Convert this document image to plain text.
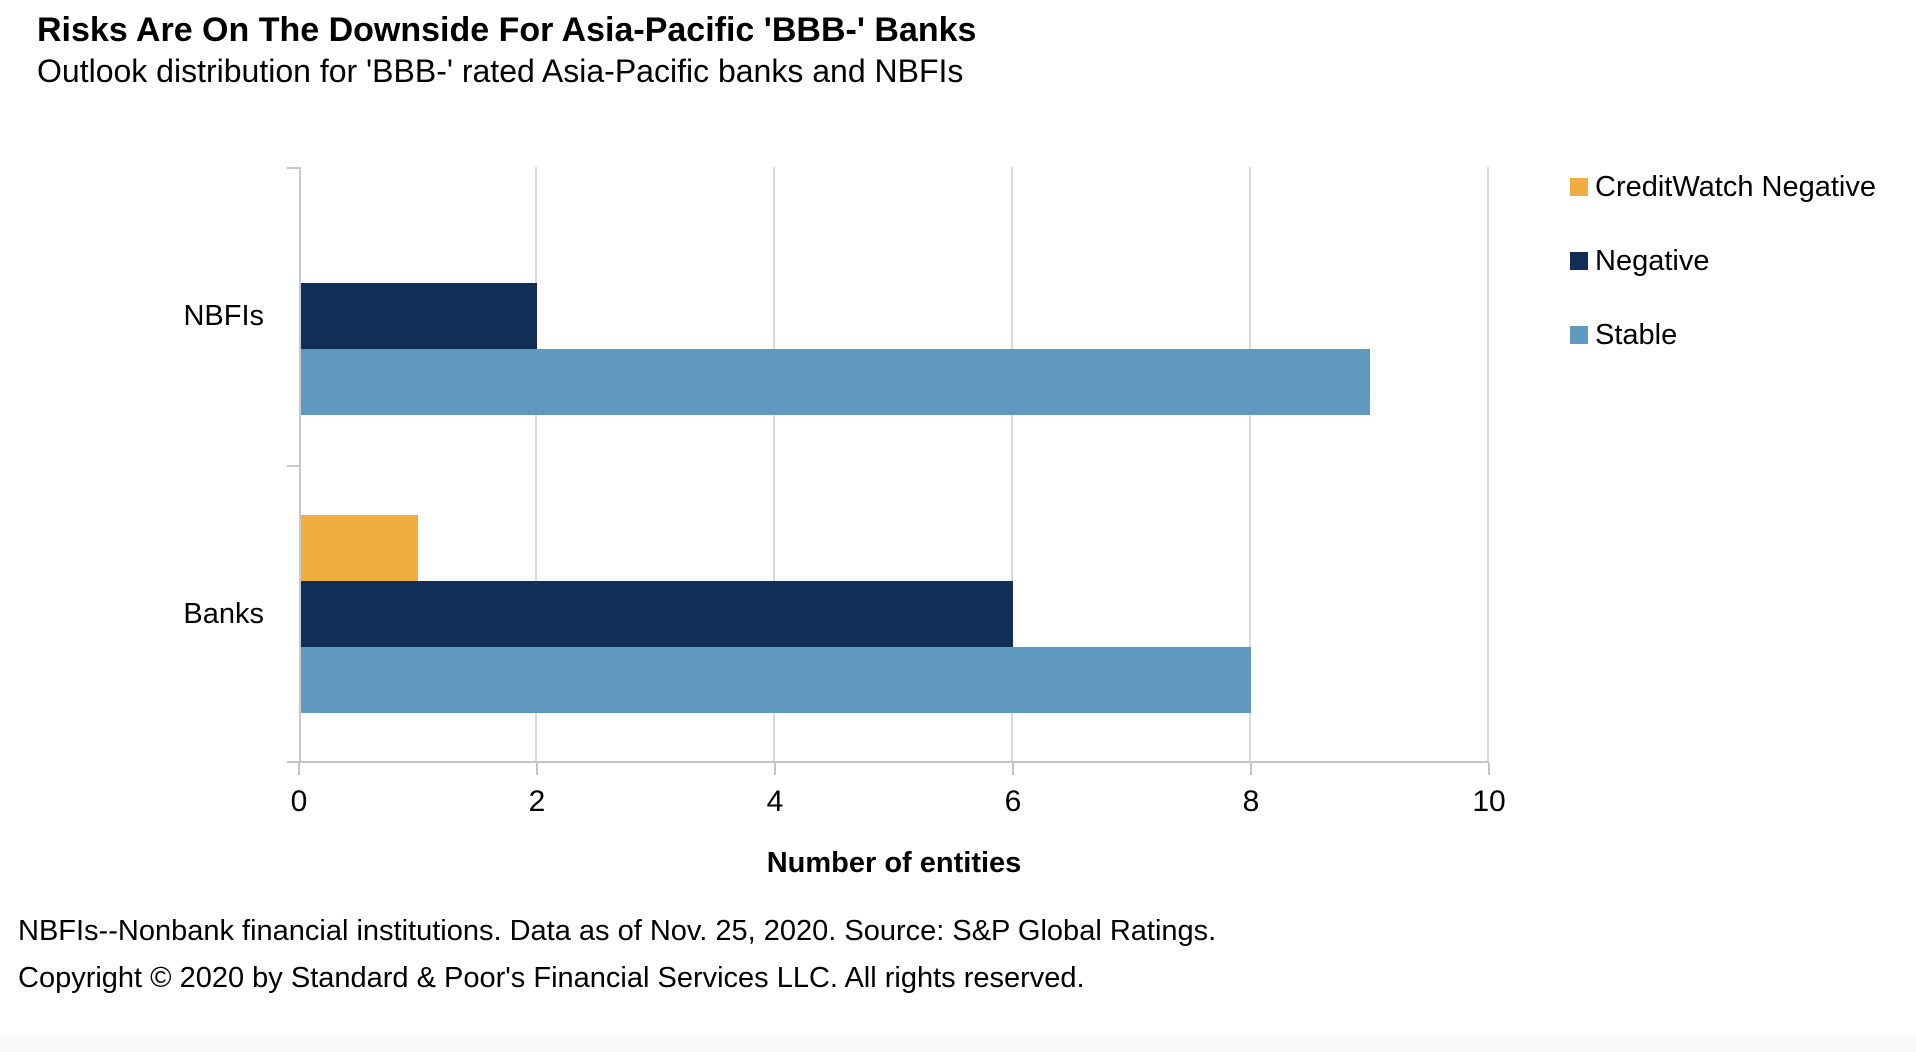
Risks Are On The Downside For Asia-Pacific 'BBB-' Banks
Outlook distribution for 'BBB-' rated Asia-Pacific banks and NBFIs
Number of entities
CreditWatch Negative
Negative
Stable
NBFIs--Nonbank financial institutions. Data as of Nov. 25, 2020. Source: S&P Global Ratings.
Copyright © 2020 by Standard & Poor's Financial Services LLC. All rights reserved.
0	2	4	6	8	10
NBFIs
Banks
